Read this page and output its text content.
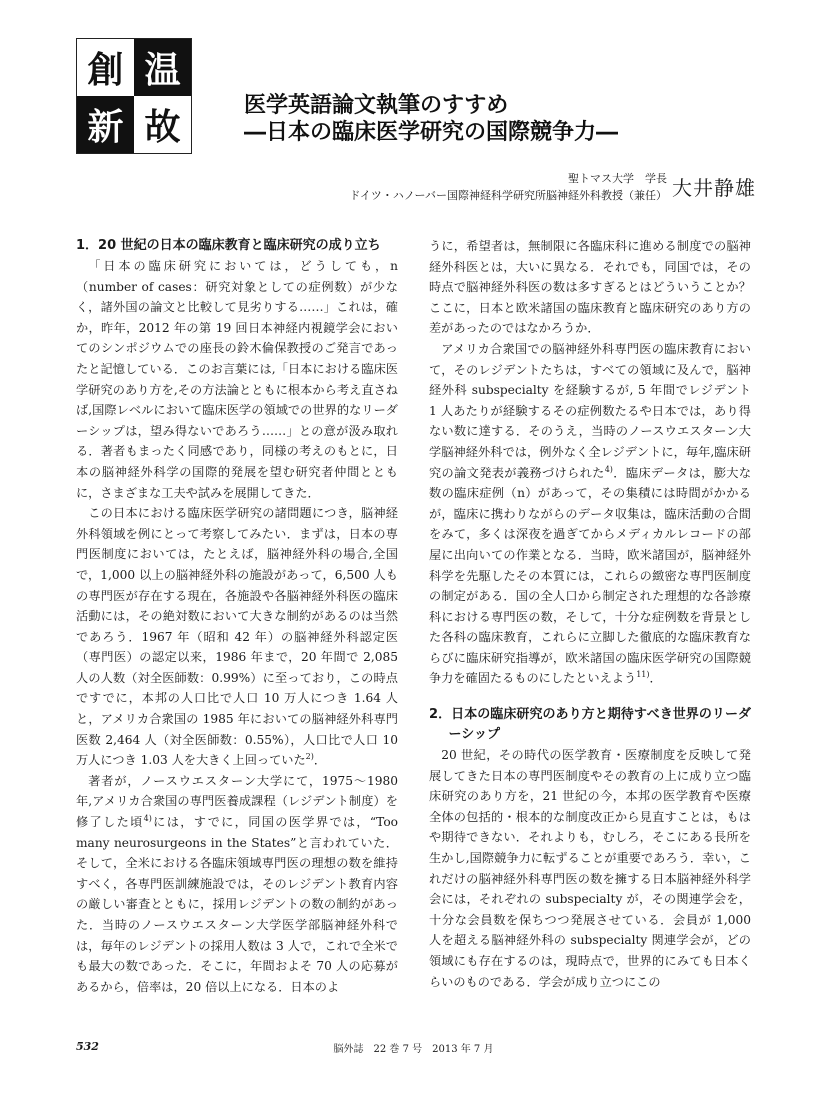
創 温
新 故
医学英語論文執筆のすすめ
―日本の臨床医学研究の国際競争力―
聖トマス大学　学長
ドイツ・ハノーバー国際神経科学研究所脳神経外科教授（兼任） 大井静雄
1．20 世紀の日本の臨床教育と臨床研究の成り立ち

「日本の臨床研究においては，どうしても，n（number of cases：研究対象としての症例数）が少なく，諸外国の論文と比較して見劣りする……」これは，確か，昨年，2012 年の第 19 回日本神経内視鏡学会においてのシンポジウムでの座長の鈴木倫保教授のご発言であったと記憶している．このお言葉には,「日本における臨床医学研究のあり方を,その方法論とともに根本から考え直さねば,国際レベルにおいて臨床医学の領域での世界的なリーダーシップは，望み得ないであろう……」との意が汲み取れる．著者もまったく同感であり，同様の考えのもとに，日本の脳神経外科学の国際的発展を望む研究者仲間とともに，さまざまな工夫や試みを展開してきた．

この日本における臨床医学研究の諸問題につき，脳神経外科領域を例にとって考察してみたい．まずは，日本の専門医制度においては，たとえば，脳神経外科の場合,全国で，1,000 以上の脳神経外科の施設があって，6,500 人もの専門医が存在する現在，各施設や各脳神経外科医の臨床活動には，その絶対数において大きな制約があるのは当然であろう．1967 年（昭和 42 年）の脳神経外科認定医（専門医）の認定以来，1986 年まで，20 年間で 2,085 人の人数（対全医師数：0.99%）に至っており，この時点ですでに，本邦の人口比で人口 10 万人につき 1.64 人と，アメリカ合衆国の 1985 年においての脳神経外科専門医数 2,464 人（対全医師数：0.55%），人口比で人口 10 万人につき 1.03 人を大きく上回っていた$^{2)}$．

著者が，ノースウエスターン大学にて，1975〜1980 年,アメリカ合衆国の専門医養成課程（レジデント制度）を修了した頃$^{4)}$には，すでに，同国の医学界では，“Too many neurosurgeons in the States”と言われていた．そして，全米における各臨床領域専門医の理想の数を維持すべく，各専門医訓練施設では，そのレジデント教育内容の厳しい審査とともに，採用レジデントの数の制約があった．当時のノースウエスターン大学医学部脳神経外科では，毎年のレジデントの採用人数は 3 人で，これで全米でも最大の数であった．そこに，年間およそ 70 人の応募があるから，倍率は，20 倍以上になる．日本のよ

うに，希望者は，無制限に各臨床科に進める制度での脳神経外科医とは，大いに異なる．それでも，同国では，その時点で脳神経外科医の数は多すぎるとはどういうことか？　ここに，日本と欧米諸国の臨床教育と臨床研究のあり方の差があったのではなかろうか．

アメリカ合衆国での脳神経外科専門医の臨床教育において，そのレジデントたちは，すべての領域に及んで，脳神経外科 subspecialty を経験するが, 5 年間でレジデント 1 人あたりが経験するその症例数たるや日本では，あり得ない数に達する．そのうえ，当時のノースウエスターン大学脳神経外科では，例外なく全レジデントに，毎年,臨床研究の論文発表が義務づけられた$^{4)}$．臨床データは，膨大な数の臨床症例（n）があって，その集積には時間がかかるが，臨床に携わりながらのデータ収集は，臨床活動の合間をみて，多くは深夜を過ぎてからメディカルレコードの部屋に出向いての作業となる．当時，欧米諸国が，脳神経外科学を先駆したその本質には，これらの緻密な専門医制度の制定がある．国の全人口から制定された理想的な各診療科における専門医の数，そして，十分な症例数を背景とした各科の臨床教育，これらに立脚した徹底的な臨床教育ならびに臨床研究指導が，欧米諸国の臨床医学研究の国際競争力を確固たるものにしたといえよう$^{11)}$．

2．日本の臨床研究のあり方と期待すべき世界のリーダーシップ

20 世紀，その時代の医学教育・医療制度を反映して発展してきた日本の専門医制度やその教育の上に成り立つ臨床研究のあり方を，21 世紀の今，本邦の医学教育や医療全体の包括的・根本的な制度改正から見直すことは，もはや期待できない．それよりも，むしろ，そこにある長所を生かし,国際競争力に転ずることが重要であろう．幸い，これだけの脳神経外科専門医の数を擁する日本脳神経外科学会には，それぞれの subspecialty が，その関連学会を，十分な会員数を保ちつつ発展させている．会員が 1,000 人を超える脳神経外科の subspecialty 関連学会が，どの領域にも存在するのは，現時点で，世界的にみても日本くらいのものである．学会が成り立つにこの

532	脳外誌　22 巻 7 号　2013 年 7 月
